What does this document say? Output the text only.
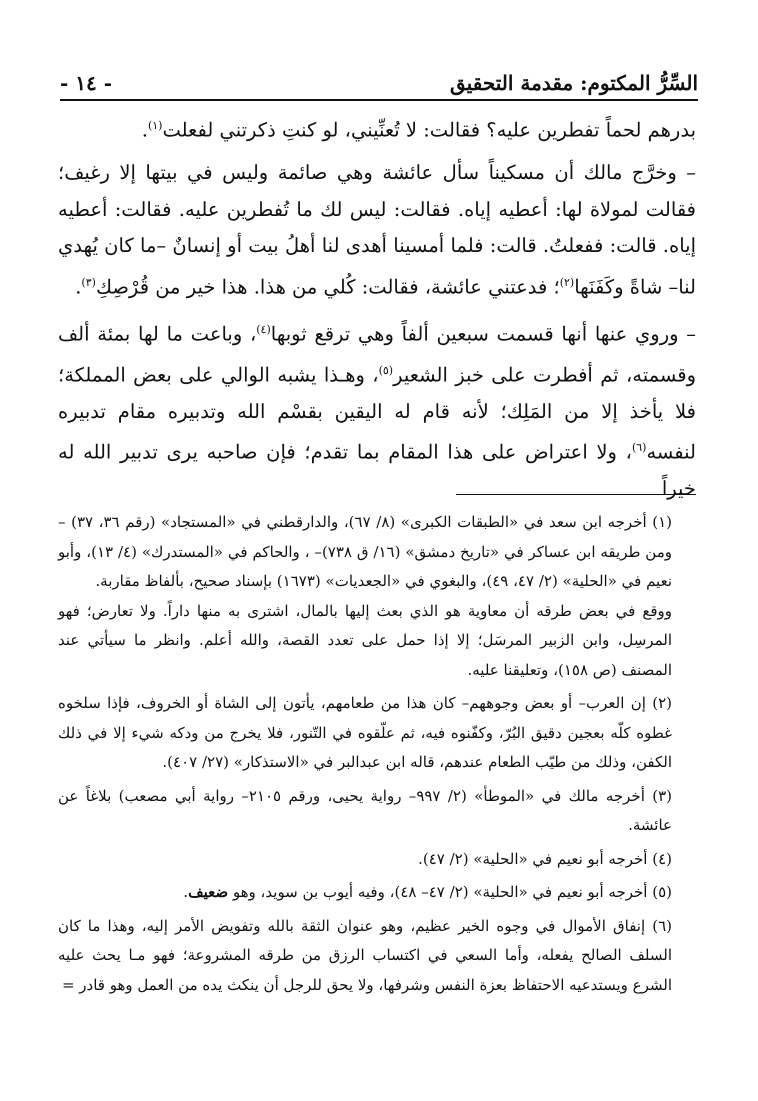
السِّرُّ المكتوم: مقدمة التحقيق
- ١٤ -

بدرهم لحماً تفطرين عليه؟ فقالت: لا تُعنِّيني، لو كنتِ ذكرتني لفعلت$^{(١)}$.

– وخرَّج مالك أن مسكيناً سأل عائشة وهي صائمة وليس في بيتها إلا رغيف؛ فقالت لمولاة لها: أعطيه إياه. فقالت: ليس لك ما تُفطرين عليه. فقالت: أعطيه إياه. قالت: ففعلتُ. قالت: فلما أمسينا أهدى لنا أهلُ بيت أو إنسانٌ –ما كان يُهدي لنا– شاةً وكَفَنَها$^{(٢)}$؛ فدعتني عائشة، فقالت: كُلي من هذا. هذا خير من قُرْصِكِ$^{(٣)}$.

– وروي عنها أنها قسمت سبعين ألفاً وهي ترقع ثوبها$^{(٤)}$، وباعت ما لها بمئة ألف وقسمته، ثم أفطرت على خبز الشعير$^{(٥)}$، وهـذا يشبه الوالي على بعض المملكة؛ فلا يأخذ إلا من المَلِك؛ لأنه قام له اليقين بقسْم الله وتدبيره مقام تدبيره لنفسه$^{(٦)}$، ولا اعتراض على هذا المقام بما تقدم؛ فإن صاحبه يرى تدبير الله له خيراً

(١) أخرجه ابن سعد في «الطبقات الكبرى» (٨/ ٦٧)، والدارقطني في «المستجاد» (رقم ٣٦، ٣٧) –ومن طريقه ابن عساكر في «تاريخ دمشق» (١٦/ ق ٧٣٨)– ، والحاكم في «المستدرك» (٤/ ١٣)، وأبو نعيم في «الحلية» (٢/ ٤٧، ٤٩)، والبغوي في «الجعديات» (١٦٧٣) بإسناد صحيح، بألفاظ مقاربة.

ووقع في بعض طرقه أن معاوية هو الذي بعث إليها بالمال، اشترى به منها داراً. ولا تعارض؛ فهو المرسِل، وابن الزبير المرسَل؛ إلا إذا حمل على تعدد القصة، والله أعلم. وانظر ما سيأتي عند المصنف (ص ١٥٨)، وتعليقنا عليه.

(٢) إن العرب– أو بعض وجوههم– كان هذا من طعامهم، يأتون إلى الشاة أو الخروف، فإذا سلخوه غطوه كلّه بعجين دقيق البُرّ، وكفّنوه فيه، ثم علّقوه في التّنور، فلا يخرج من ودكه شيء إلا في ذلك الكفن، وذلك من طيّب الطعام عندهم، قاله ابن عبدالبر في «الاستذكار» (٢٧/ ٤٠٧).

(٣) أخرجه مالك في «الموطأ» (٢/ ٩٩٧– رواية يحيى، ورقم ٢١٠٥– رواية أبي مصعب) بلاغاً عن عائشة.

(٤) أخرجه أبو نعيم في «الحلية» (٢/ ٤٧).

(٥) أخرجه أبو نعيم في «الحلية» (٢/ ٤٧– ٤٨)، وفيه أيوب بن سويد، وهو ضعيف.

(٦) إنفاق الأموال في وجوه الخير عظيم، وهو عنوان الثقة بالله وتفويض الأمر إليه، وهذا ما كان السلف الصالح يفعله، وأما السعي في اكتساب الرزق من طرقه المشروعة؛ فهو مـا يحث عليه الشرع ويستدعيه الاحتفاظ بعزة النفس وشرفها، ولا يحق للرجل أن ينكث يده من العمل وهو قادر =
